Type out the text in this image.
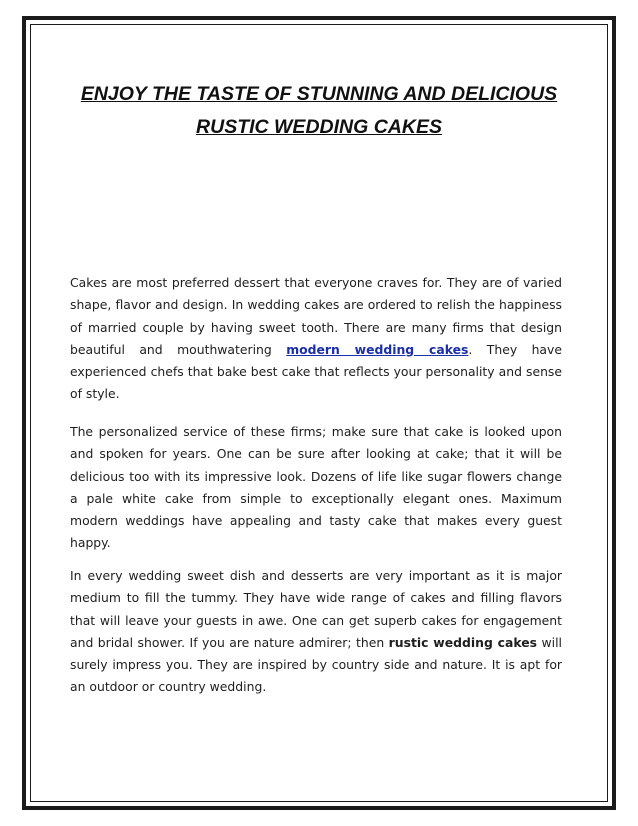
ENJOY THE TASTE OF STUNNING AND DELICIOUS
RUSTIC WEDDING CAKES

Cakes are most preferred dessert that everyone craves for. They are of varied shape, flavor and design. In wedding cakes are ordered to relish the happiness of married couple by having sweet tooth. There are many firms that design beautiful and mouthwatering modern wedding cakes. They have experienced chefs that bake best cake that reflects your personality and sense of style.

The personalized service of these firms; make sure that cake is looked upon and spoken for years. One can be sure after looking at cake; that it will be delicious too with its impressive look. Dozens of life like sugar flowers change a pale white cake from simple to exceptionally elegant ones. Maximum modern weddings have appealing and tasty cake that makes every guest happy.

In every wedding sweet dish and desserts are very important as it is major medium to fill the tummy. They have wide range of cakes and filling flavors that will leave your guests in awe. One can get superb cakes for engagement and bridal shower. If you are nature admirer; then rustic wedding cakes will surely impress you. They are inspired by country side and nature. It is apt for an outdoor or country wedding.
